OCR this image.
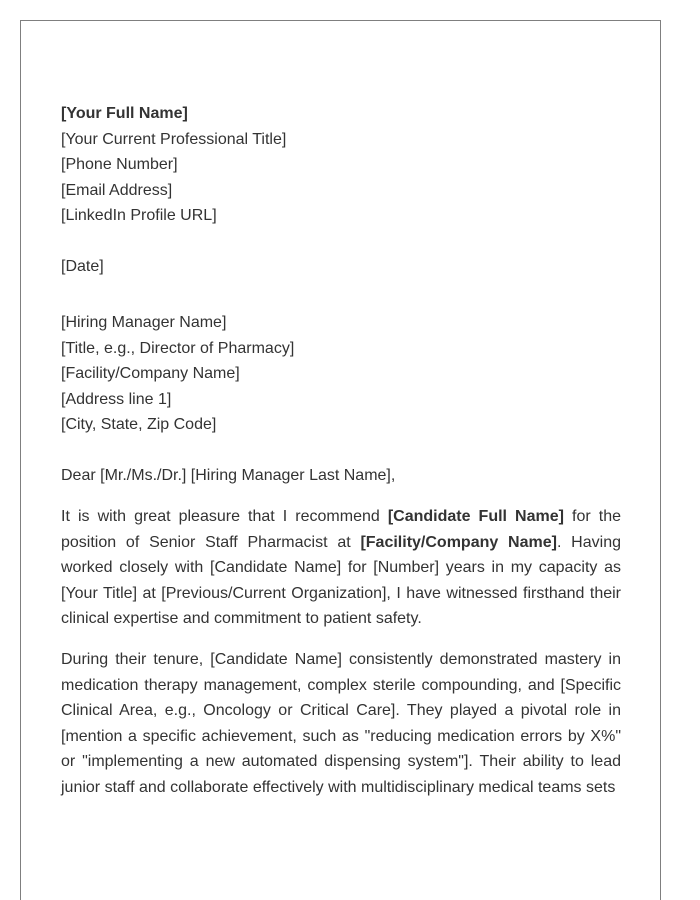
[Your Full Name]
[Your Current Professional Title]
[Phone Number]
[Email Address]
[LinkedIn Profile URL]
[Date]
[Hiring Manager Name]
[Title, e.g., Director of Pharmacy]
[Facility/Company Name]
[Address line 1]
[City, State, Zip Code]
Dear [Mr./Ms./Dr.] [Hiring Manager Last Name],

It is with great pleasure that I recommend [Candidate Full Name] for the position of Senior Staff Pharmacist at [Facility/Company Name]. Having worked closely with [Candidate Name] for [Number] years in my capacity as [Your Title] at [Previous/Current Organization], I have witnessed firsthand their clinical expertise and commitment to patient safety.

During their tenure, [Candidate Name] consistently demonstrated mastery in medication therapy management, complex sterile compounding, and [Specific Clinical Area, e.g., Oncology or Critical Care]. They played a pivotal role in [mention a specific achievement, such as "reducing medication errors by X%" or "implementing a new automated dispensing system"]. Their ability to lead junior staff and collaborate effectively with multidisciplinary medical teams sets
